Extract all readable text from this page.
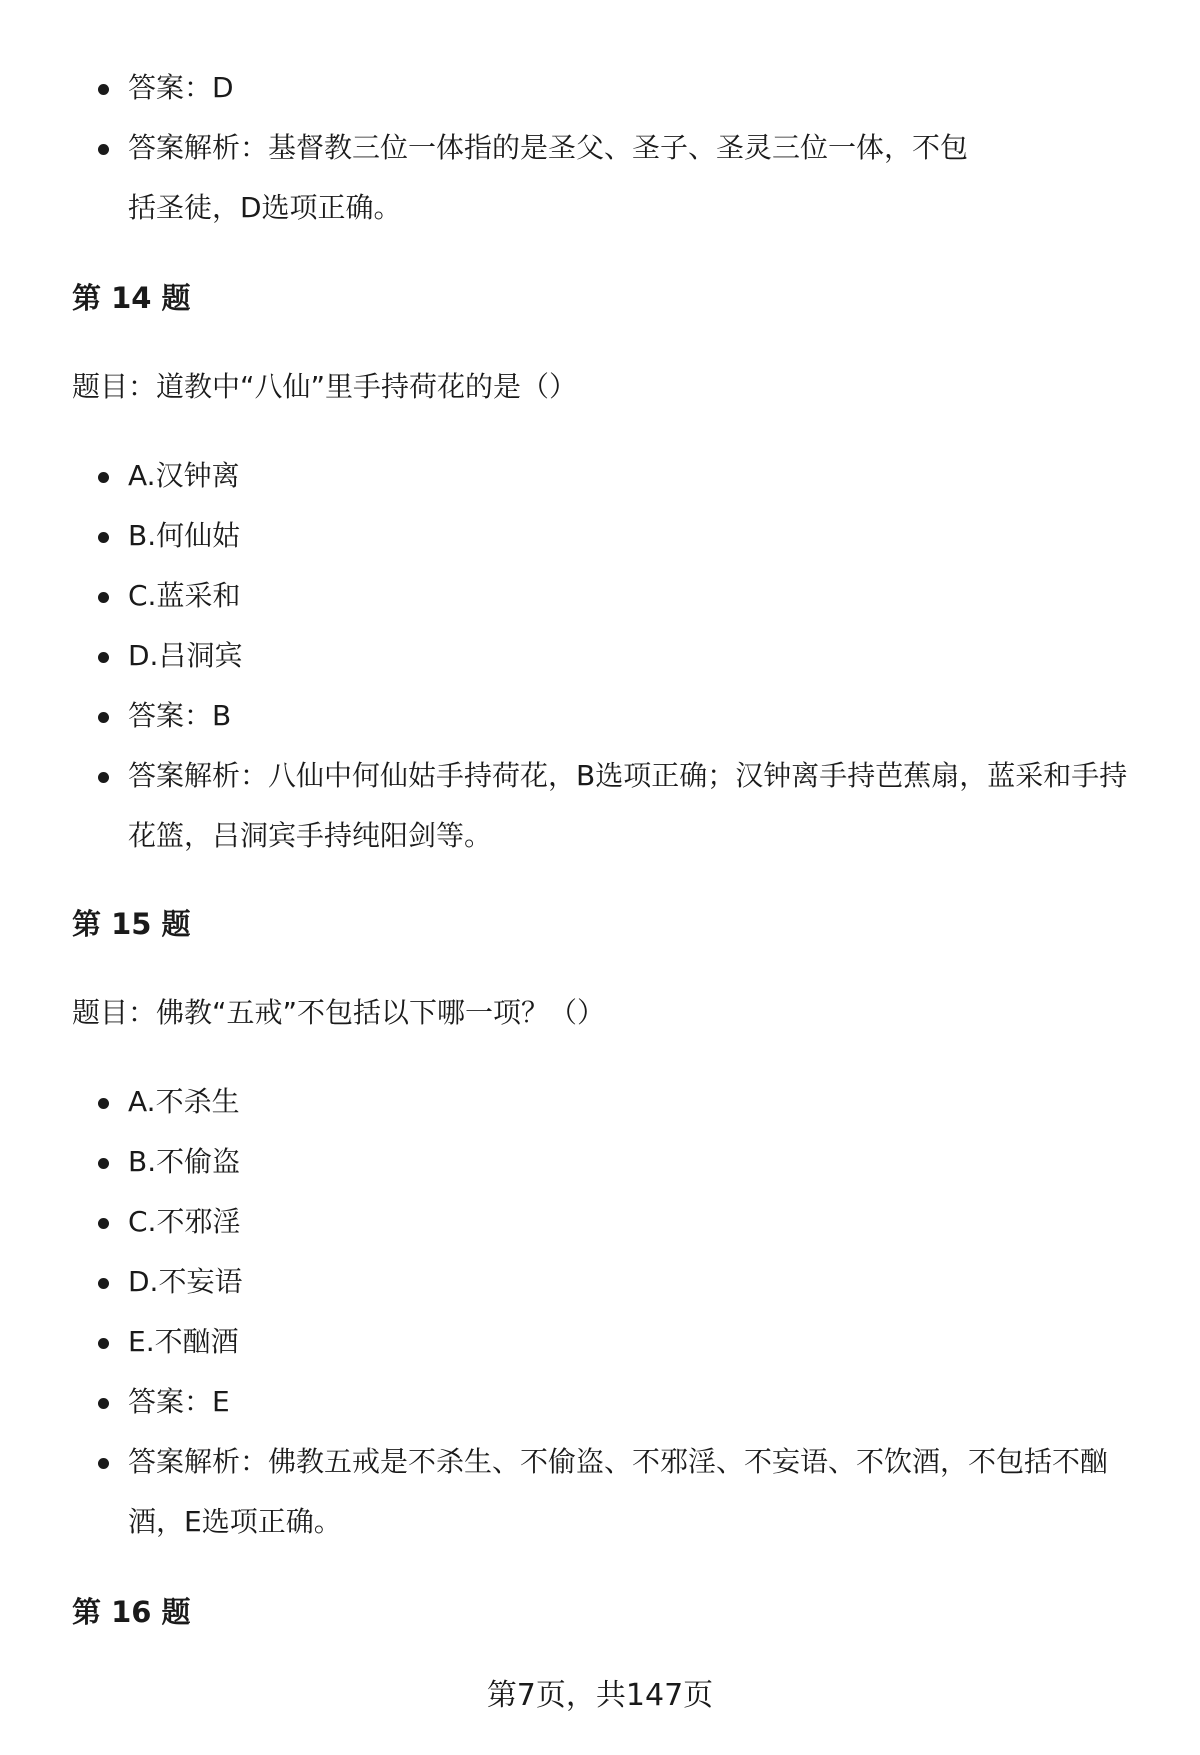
答案：D
答案解析：基督教三位一体指的是圣父、圣子、圣灵三位一体，不包括圣徒，D选项正确。
第 14 题
题目：道教中“八仙”里手持荷花的是（）
A.汉钟离
B.何仙姑
C.蓝采和
D.吕洞宾
答案：B
答案解析：八仙中何仙姑手持荷花，B选项正确；汉钟离手持芭蕉扇，蓝采和手持花篮，吕洞宾手持纯阳剑等。
第 15 题
题目：佛教“五戒”不包括以下哪一项？（）
A.不杀生
B.不偷盗
C.不邪淫
D.不妄语
E.不酗酒
答案：E
答案解析：佛教五戒是不杀生、不偷盗、不邪淫、不妄语、不饮酒，不包括不酗酒，E选项正确。
第 16 题
第7页，共147页
